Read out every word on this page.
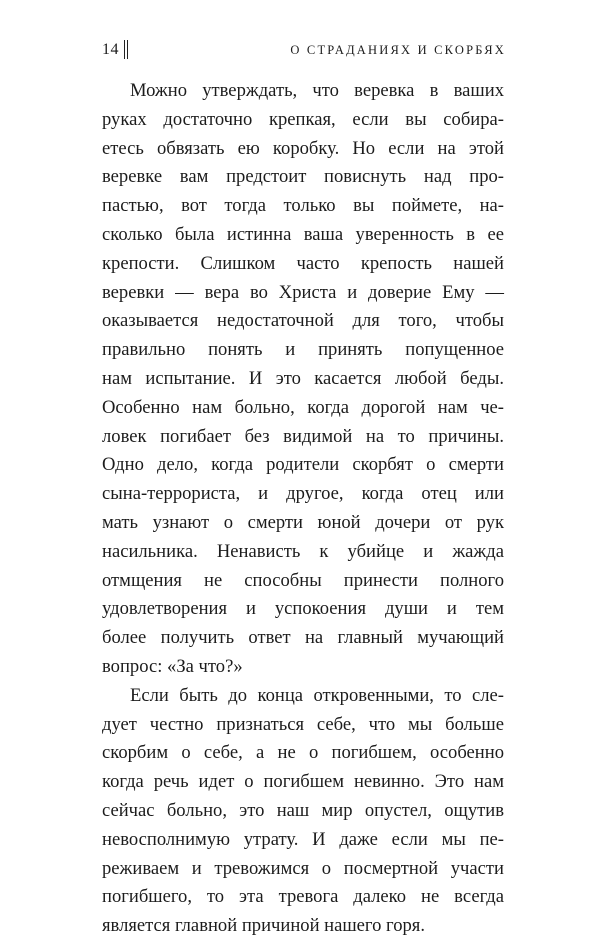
14	О СТРАДАНИЯХ И СКОРБЯХ
Можно утверждать, что веревка в ваших
руках достаточно крепкая, если вы собира-
етесь обвязать ею коробку. Но если на этой
веревке вам предстоит повиснуть над про-
пастью, вот тогда только вы поймете, на-
сколько была истинна ваша уверенность в ее
крепости. Слишком часто крепость нашей
веревки — вера во Христа и доверие Ему —
оказывается недостаточной для того, чтобы
правильно понять и принять попущенное
нам испытание. И это касается любой беды.
Особенно нам больно, когда дорогой нам че-
ловек погибает без видимой на то причины.
Одно дело, когда родители скорбят о смерти
сына-террориста, и другое, когда отец или
мать узнают о смерти юной дочери от рук
насильника. Ненависть к убийце и жажда
отмщения не способны принести полного
удовлетворения и успокоения души и тем
более получить ответ на главный мучающий
вопрос: «За что?»
Если быть до конца откровенными, то сле-
дует честно признаться себе, что мы больше
скорбим о себе, а не о погибшем, особенно
когда речь идет о погибшем невинно. Это нам
сейчас больно, это наш мир опустел, ощутив
невосполнимую утрату. И даже если мы пе-
реживаем и тревожимся о посмертной участи
погибшего, то эта тревога далеко не всегда
является главной причиной нашего горя.
